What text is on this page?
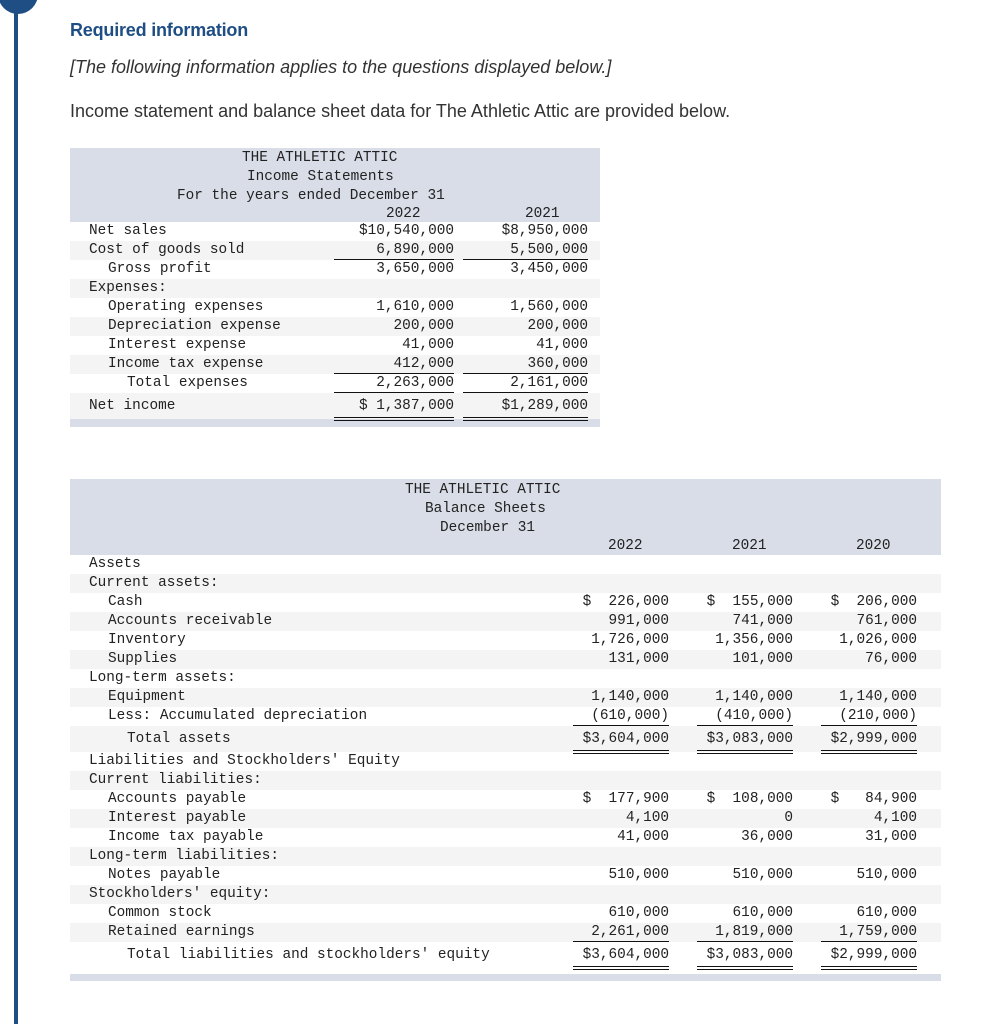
Required information
[The following information applies to the questions displayed below.]
Income statement and balance sheet data for The Athletic Attic are provided below.
THE ATHLETIC ATTIC
Income Statements
For the years ended December 31
2022	2021
Net sales	$10,540,000	$8,950,000
Cost of goods sold	6,890,000	5,500,000
Gross profit	3,650,000	3,450,000
Expenses:
Operating expenses	1,610,000	1,560,000
Depreciation expense	200,000	200,000
Interest expense	41,000	41,000
Income tax expense	412,000	360,000
Total expenses	2,263,000	2,161,000
Net income	$ 1,387,000	$1,289,000
THE ATHLETIC ATTIC
Balance Sheets
December 31
2022	2021	2020
Assets
Current assets:
Cash	$  226,000	$  155,000	$  206,000
Accounts receivable	991,000	741,000	761,000
Inventory	1,726,000	1,356,000	1,026,000
Supplies	131,000	101,000	76,000
Long-term assets:
Equipment	1,140,000	1,140,000	1,140,000
Less: Accumulated depreciation	(610,000)	(410,000)	(210,000)
Total assets	$3,604,000	$3,083,000	$2,999,000
Liabilities and Stockholders' Equity
Current liabilities:
Accounts payable	$  177,900	$  108,000	$   84,900
Interest payable	4,100	0	4,100
Income tax payable	41,000	36,000	31,000
Long-term liabilities:
Notes payable	510,000	510,000	510,000
Stockholders' equity:
Common stock	610,000	610,000	610,000
Retained earnings	2,261,000	1,819,000	1,759,000
Total liabilities and stockholders' equity	$3,604,000	$3,083,000	$2,999,000
